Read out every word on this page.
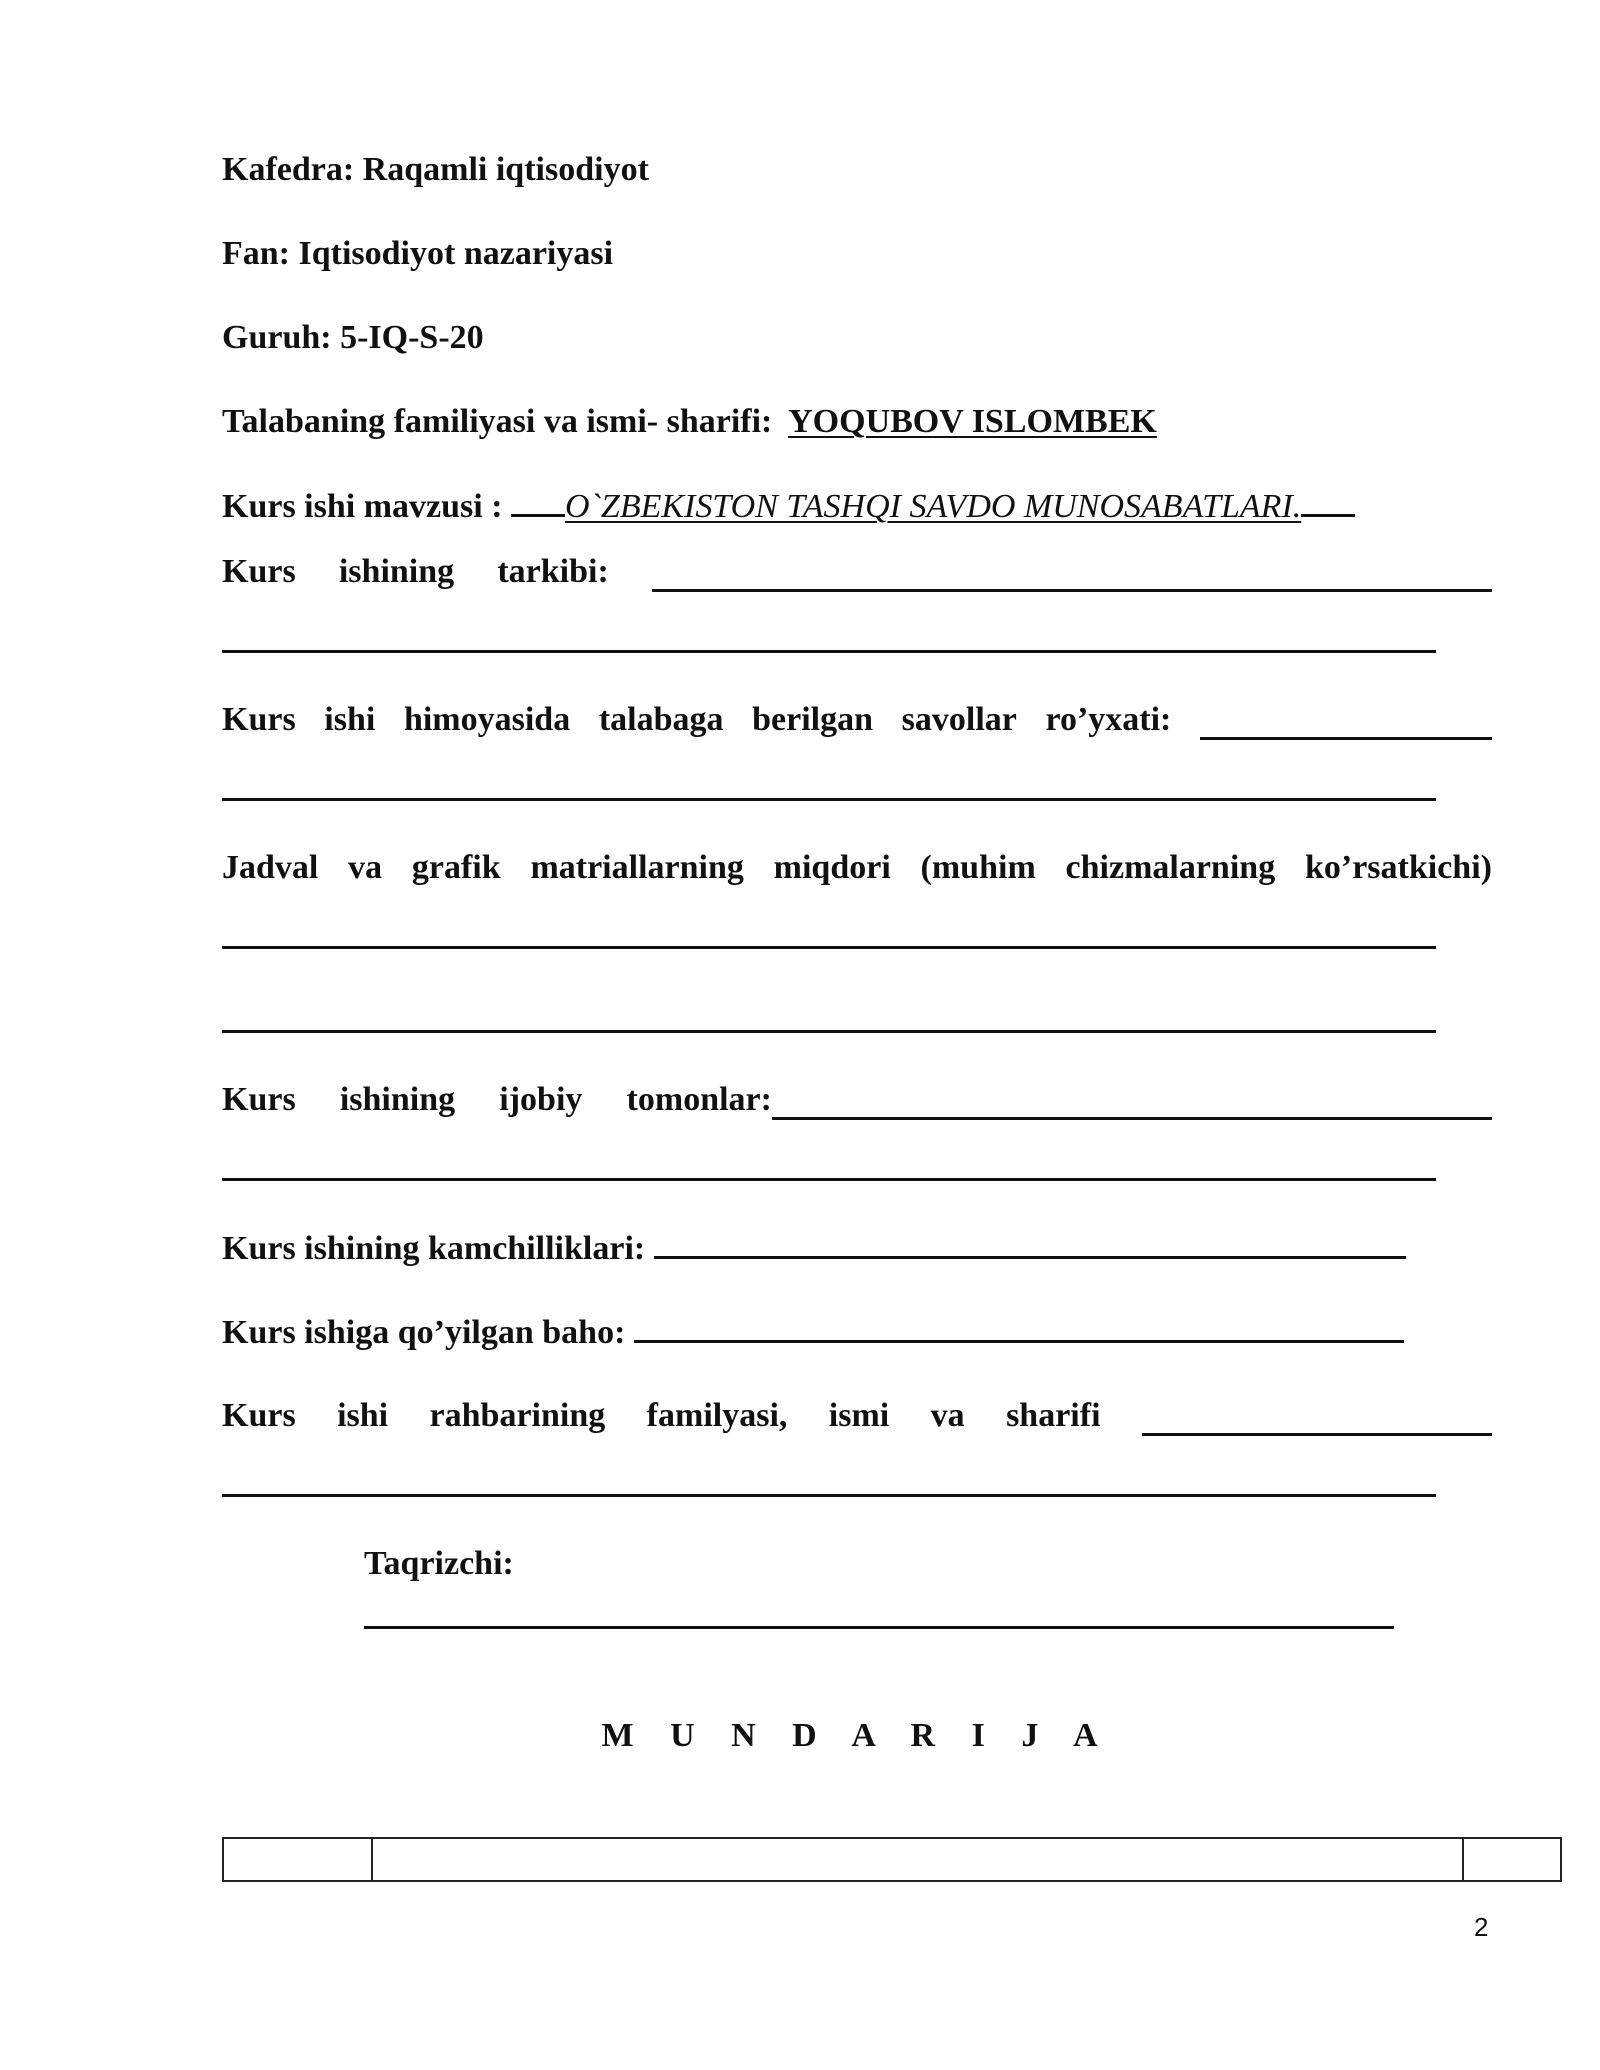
Kafedra: Raqamli iqtisodiyot
Fan: Iqtisodiyot nazariyasi
Guruh: 5-IQ-S-20
Talabaning familiyasi va ismi- sharifi: YOQUBOV ISLOMBEK
Kurs ishi mavzusi : O`ZBEKISTON TASHQI SAVDO MUNOSABATLARI.
Kurs ishining tarkibi:
Kurs ishi himoyasida talabaga berilgan savollar ro’yxati:
Jadval va grafik matriallarning miqdori (muhim chizmalarning ko’rsatkichi)
Kurs ishining ijobiy tomonlar:
Kurs ishining kamchilliklari:
Kurs ishiga qo’yilgan baho:
Kurs ishi rahbarining familyasi, ismi va sharifi
Taqrizchi:
M U N D A R I J A

2
